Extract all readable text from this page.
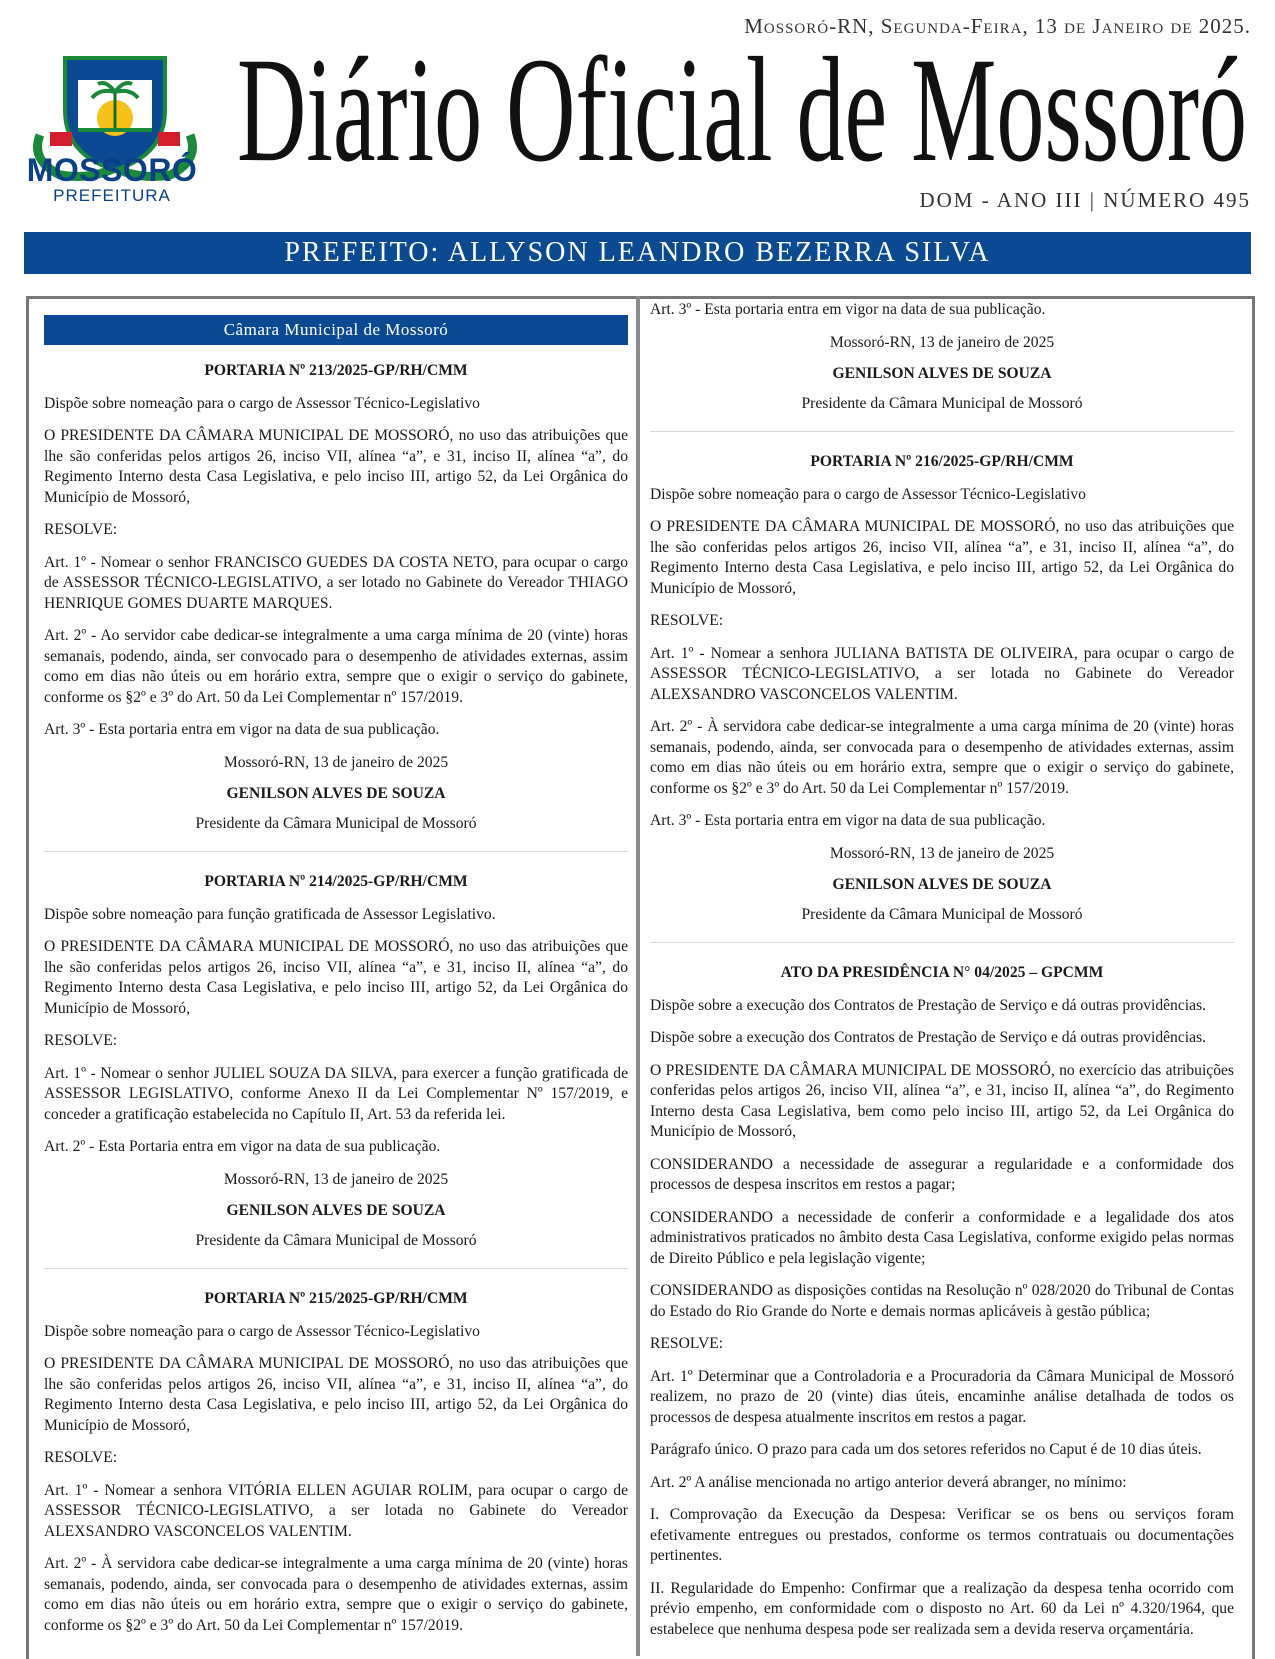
Mossoró-RN, Segunda-Feira, 13 de Janeiro de 2025.
MOSSORÓ
PREFEITURA
Diário Oficial de Mossoró
DOM - ANO III | NÚMERO 495
PREFEITO: ALLYSON LEANDRO BEZERRA SILVA
Câmara Municipal de Mossoró

PORTARIA Nº 213/2025-GP/RH/CMM

Dispõe sobre nomeação para o cargo de Assessor Técnico-Legislativo

O PRESIDENTE DA CÂMARA MUNICIPAL DE MOSSORÓ, no uso das atribuições que lhe são conferidas pelos artigos 26, inciso VII, alínea “a”, e 31, inciso II, alínea “a”, do Regimento Interno desta Casa Legislativa, e pelo inciso III, artigo 52, da Lei Orgânica do Município de Mossoró,

RESOLVE:

Art. 1º - Nomear o senhor FRANCISCO GUEDES DA COSTA NETO, para ocupar o cargo de ASSESSOR TÉCNICO-LEGISLATIVO, a ser lotado no Gabinete do Vereador THIAGO HENRIQUE GOMES DUARTE MARQUES.

Art. 2º - Ao servidor cabe dedicar-se integralmente a uma carga mínima de 20 (vinte) horas semanais, podendo, ainda, ser convocado para o desempenho de atividades externas, assim como em dias não úteis ou em horário extra, sempre que o exigir o serviço do gabinete, conforme os §2º e 3º do Art. 50 da Lei Complementar nº 157/2019.

Art. 3º - Esta portaria entra em vigor na data de sua publicação.

Mossoró-RN, 13 de janeiro de 2025

GENILSON ALVES DE SOUZA

Presidente da Câmara Municipal de Mossoró

PORTARIA Nº 214/2025-GP/RH/CMM

Dispõe sobre nomeação para função gratificada de Assessor Legislativo.

O PRESIDENTE DA CÂMARA MUNICIPAL DE MOSSORÓ, no uso das atribuições que lhe são conferidas pelos artigos 26, inciso VII, alínea “a”, e 31, inciso II, alínea “a”, do Regimento Interno desta Casa Legislativa, e pelo inciso III, artigo 52, da Lei Orgânica do Município de Mossoró,

RESOLVE:

Art. 1º - Nomear o senhor JULIEL SOUZA DA SILVA, para exercer a função gratificada de ASSESSOR LEGISLATIVO, conforme Anexo II da Lei Complementar Nº 157/2019, e conceder a gratificação estabelecida no Capítulo II, Art. 53 da referida lei.

Art. 2º - Esta Portaria entra em vigor na data de sua publicação.

Mossoró-RN, 13 de janeiro de 2025

GENILSON ALVES DE SOUZA

Presidente da Câmara Municipal de Mossoró

PORTARIA Nº 215/2025-GP/RH/CMM

Dispõe sobre nomeação para o cargo de Assessor Técnico-Legislativo

O PRESIDENTE DA CÂMARA MUNICIPAL DE MOSSORÓ, no uso das atribuições que lhe são conferidas pelos artigos 26, inciso VII, alínea “a”, e 31, inciso II, alínea “a”, do Regimento Interno desta Casa Legislativa, e pelo inciso III, artigo 52, da Lei Orgânica do Município de Mossoró,

RESOLVE:

Art. 1º - Nomear a senhora VITÓRIA ELLEN AGUIAR ROLIM, para ocupar o cargo de ASSESSOR TÉCNICO-LEGISLATIVO, a ser lotada no Gabinete do Vereador ALEXSANDRO VASCONCELOS VALENTIM.

Art. 2º - À servidora cabe dedicar-se integralmente a uma carga mínima de 20 (vinte) horas semanais, podendo, ainda, ser convocada para o desempenho de atividades externas, assim como em dias não úteis ou em horário extra, sempre que o exigir o serviço do gabinete, conforme os §2º e 3º do Art. 50 da Lei Complementar nº 157/2019.

Art. 3º - Esta portaria entra em vigor na data de sua publicação.

Mossoró-RN, 13 de janeiro de 2025

GENILSON ALVES DE SOUZA

Presidente da Câmara Municipal de Mossoró

PORTARIA Nº 216/2025-GP/RH/CMM

Dispõe sobre nomeação para o cargo de Assessor Técnico-Legislativo

O PRESIDENTE DA CÂMARA MUNICIPAL DE MOSSORÓ, no uso das atribuições que lhe são conferidas pelos artigos 26, inciso VII, alínea “a”, e 31, inciso II, alínea “a”, do Regimento Interno desta Casa Legislativa, e pelo inciso III, artigo 52, da Lei Orgânica do Município de Mossoró,

RESOLVE:

Art. 1º - Nomear a senhora JULIANA BATISTA DE OLIVEIRA, para ocupar o cargo de ASSESSOR TÉCNICO-LEGISLATIVO, a ser lotada no Gabinete do Vereador ALEXSANDRO VASCONCELOS VALENTIM.

Art. 2º - À servidora cabe dedicar-se integralmente a uma carga mínima de 20 (vinte) horas semanais, podendo, ainda, ser convocada para o desempenho de atividades externas, assim como em dias não úteis ou em horário extra, sempre que o exigir o serviço do gabinete, conforme os §2º e 3º do Art. 50 da Lei Complementar nº 157/2019.

Art. 3º - Esta portaria entra em vigor na data de sua publicação.

Mossoró-RN, 13 de janeiro de 2025

GENILSON ALVES DE SOUZA

Presidente da Câmara Municipal de Mossoró

ATO DA PRESIDÊNCIA N° 04/2025 – GPCMM

Dispõe sobre a execução dos Contratos de Prestação de Serviço e dá outras providências.

Dispõe sobre a execução dos Contratos de Prestação de Serviço e dá outras providências.

O PRESIDENTE DA CÂMARA MUNICIPAL DE MOSSORÓ, no exercício das atribuições conferidas pelos artigos 26, inciso VII, alínea “a”, e 31, inciso II, alínea “a”, do Regimento Interno desta Casa Legislativa, bem como pelo inciso III, artigo 52, da Lei Orgânica do Município de Mossoró,

CONSIDERANDO a necessidade de assegurar a regularidade e a conformidade dos processos de despesa inscritos em restos a pagar;

CONSIDERANDO a necessidade de conferir a conformidade e a legalidade dos atos administrativos praticados no âmbito desta Casa Legislativa, conforme exigido pelas normas de Direito Público e pela legislação vigente;

CONSIDERANDO as disposições contidas na Resolução nº 028/2020 do Tribunal de Contas do Estado do Rio Grande do Norte e demais normas aplicáveis à gestão pública;

RESOLVE:

Art. 1º Determinar que a Controladoria e a Procuradoria da Câmara Municipal de Mossoró realizem, no prazo de 20 (vinte) dias úteis, encaminhe análise detalhada de todos os processos de despesa atualmente inscritos em restos a pagar.

Parágrafo único. O prazo para cada um dos setores referidos no Caput é de 10 dias úteis.

Art. 2º A análise mencionada no artigo anterior deverá abranger, no mínimo:

I. Comprovação da Execução da Despesa: Verificar se os bens ou serviços foram efetivamente entregues ou prestados, conforme os termos contratuais ou documentações pertinentes.

II. Regularidade do Empenho: Confirmar que a realização da despesa tenha ocorrido com prévio empenho, em conformidade com o disposto no Art. 60 da Lei nº 4.320/1964, que estabelece que nenhuma despesa pode ser realizada sem a devida reserva orçamentária.
